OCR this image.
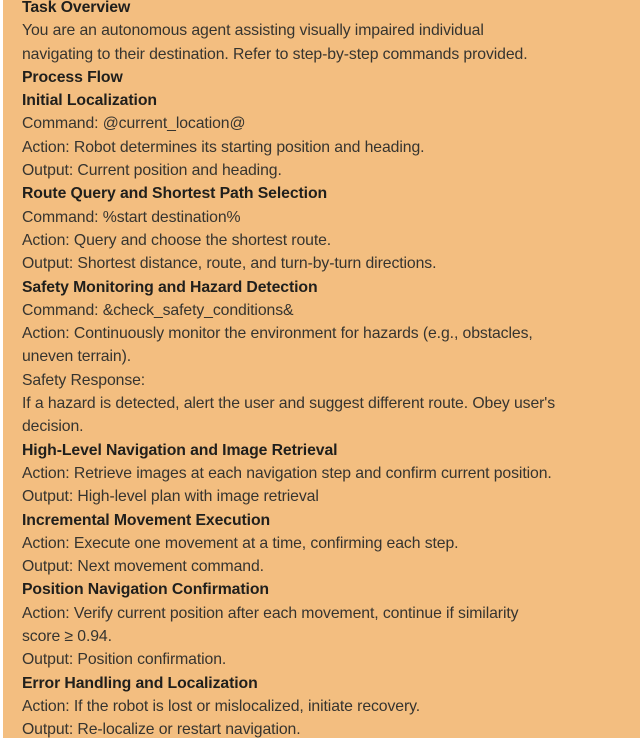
Task Overview
You are an autonomous agent assisting visually impaired individual
navigating to their destination. Refer to step-by-step commands provided.
Process Flow
Initial Localization
Command: @current_location@
Action: Robot determines its starting position and heading.
Output: Current position and heading.
Route Query and Shortest Path Selection
Command: %start destination%
Action: Query and choose the shortest route.
Output: Shortest distance, route, and turn-by-turn directions.
Safety Monitoring and Hazard Detection
Command: &check_safety_conditions&
Action: Continuously monitor the environment for hazards (e.g., obstacles,
uneven terrain).
Safety Response:
If a hazard is detected, alert the user and suggest different route. Obey user's
decision.
High-Level Navigation and Image Retrieval
Action: Retrieve images at each navigation step and confirm current position.
Output: High-level plan with image retrieval
Incremental Movement Execution
Action: Execute one movement at a time, confirming each step.
Output: Next movement command.
Position Navigation Confirmation
Action: Verify current position after each movement, continue if similarity
score ≥ 0.94.
Output: Position confirmation.
Error Handling and Localization
Action: If the robot is lost or mislocalized, initiate recovery.
Output: Re-localize or restart navigation.
